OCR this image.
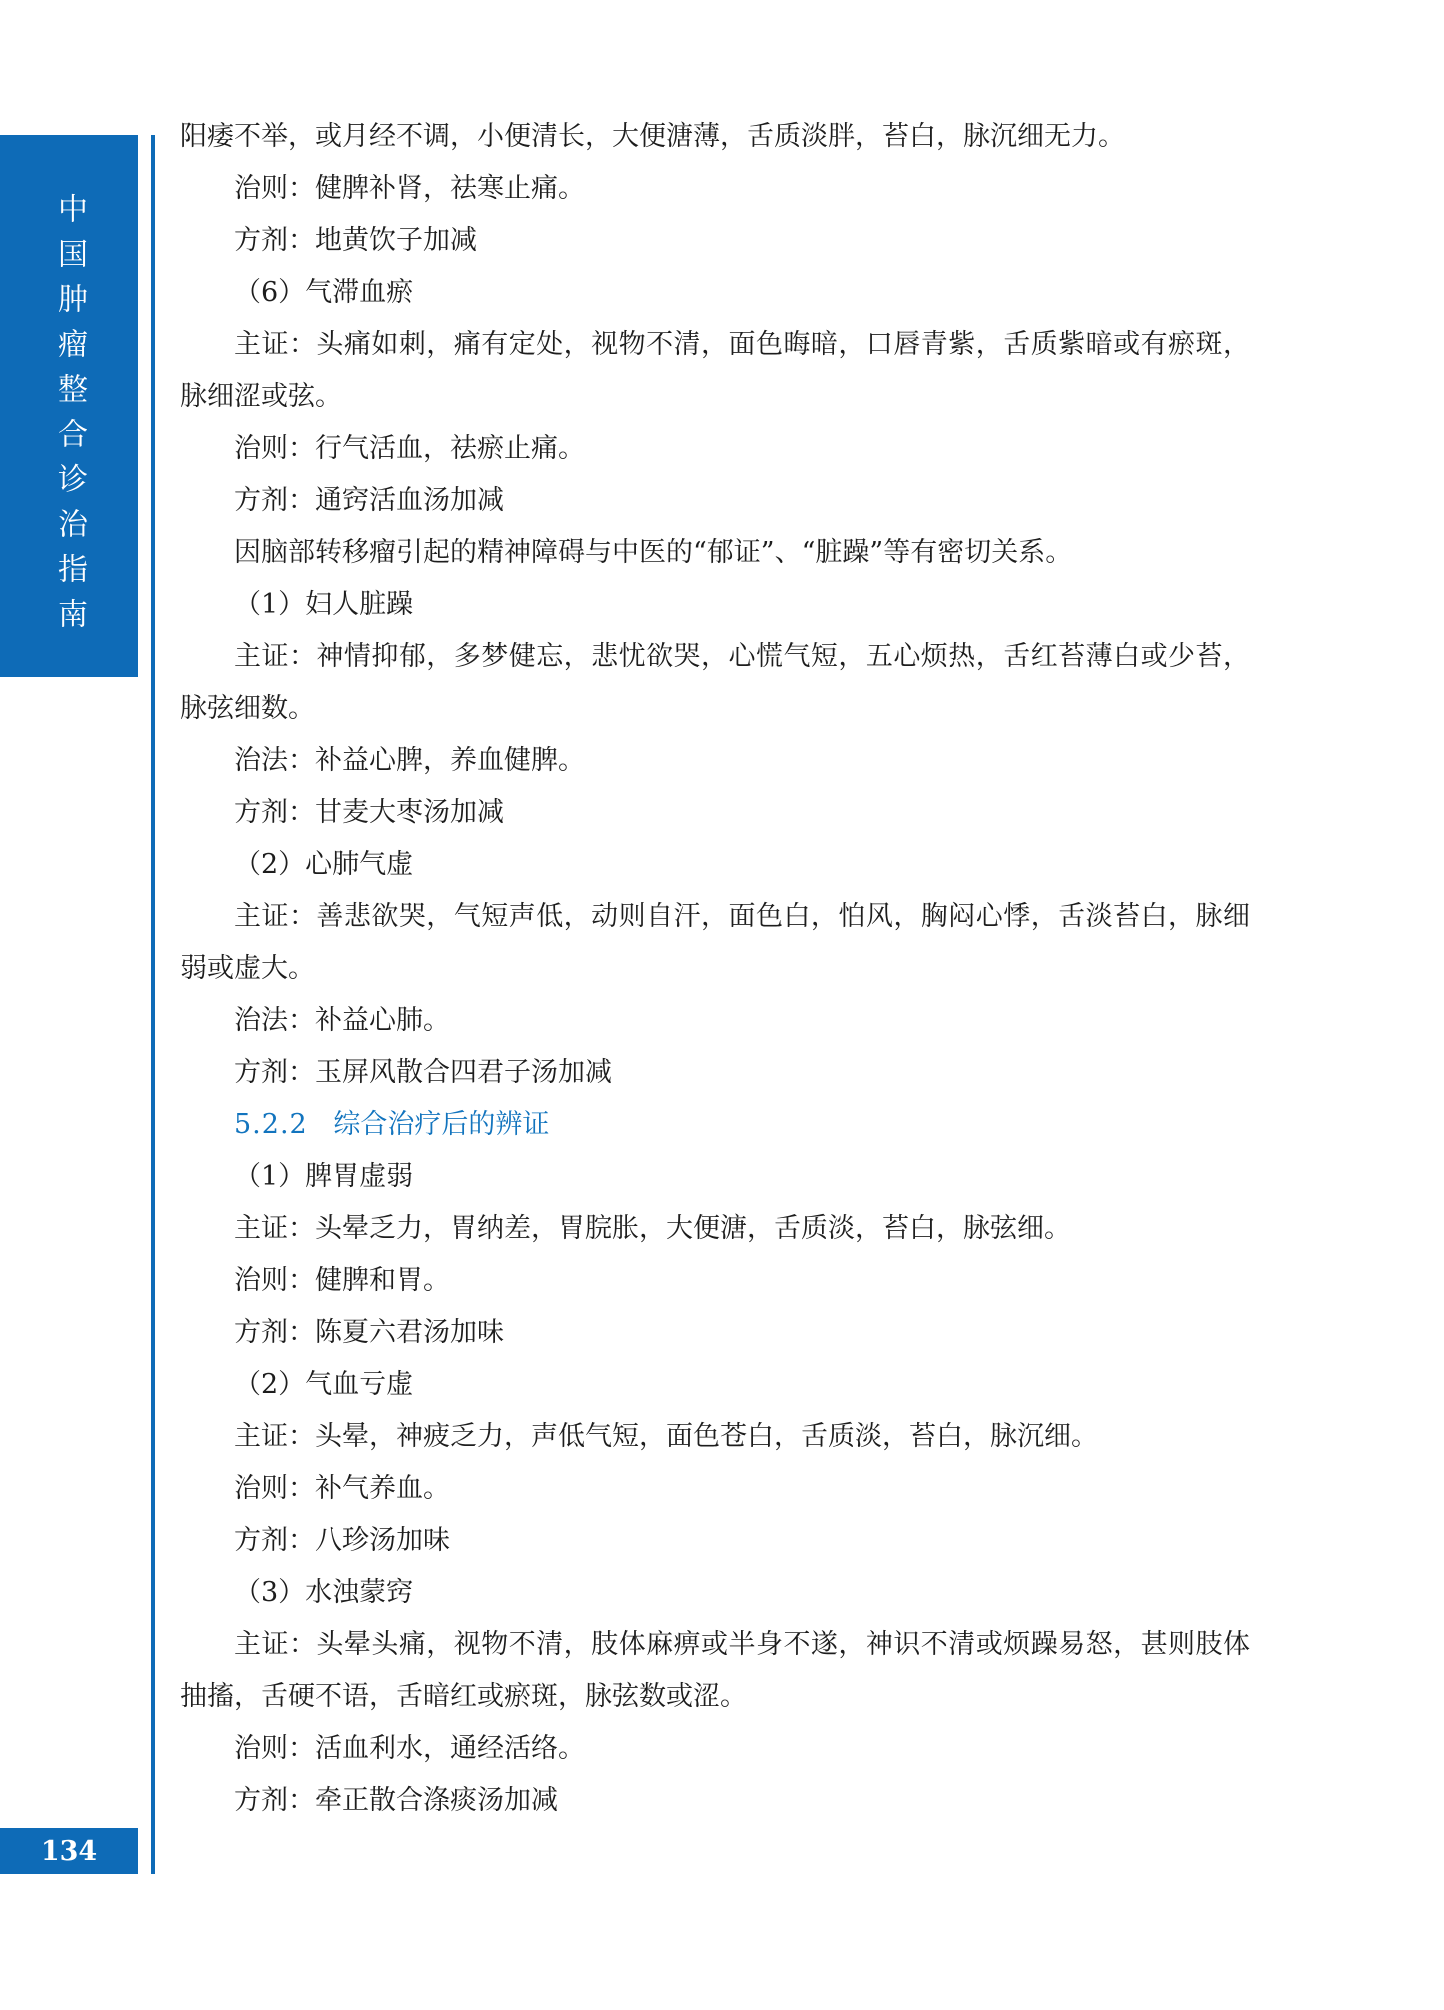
中国肿瘤整合诊治指南
134

阳痿不举，或月经不调，小便清长，大便溏薄，舌质淡胖，苔白，脉沉细无力。

治则：健脾补肾，祛寒止痛。

方剂：地黄饮子加减

（6）气滞血瘀

主证：头痛如刺，痛有定处，视物不清，面色晦暗，口唇青紫，舌质紫暗或有瘀斑，脉细涩或弦。

治则：行气活血，祛瘀止痛。

方剂：通窍活血汤加减

因脑部转移瘤引起的精神障碍与中医的“郁证”、“脏躁”等有密切关系。

（1）妇人脏躁

主证：神情抑郁，多梦健忘，悲忧欲哭，心慌气短，五心烦热，舌红苔薄白或少苔，脉弦细数。

治法：补益心脾，养血健脾。

方剂：甘麦大枣汤加减

（2）心肺气虚

主证：善悲欲哭，气短声低，动则自汗，面色白，怕风，胸闷心悸，舌淡苔白，脉细弱或虚大。

治法：补益心肺。

方剂：玉屏风散合四君子汤加减

5.2.2 综合治疗后的辨证

（1）脾胃虚弱

主证：头晕乏力，胃纳差，胃脘胀，大便溏，舌质淡，苔白，脉弦细。

治则：健脾和胃。

方剂：陈夏六君汤加味

（2）气血亏虚

主证：头晕，神疲乏力，声低气短，面色苍白，舌质淡，苔白，脉沉细。

治则：补气养血。

方剂：八珍汤加味

（3）水浊蒙窍

主证：头晕头痛，视物不清，肢体麻痹或半身不遂，神识不清或烦躁易怒，甚则肢体抽搐，舌硬不语，舌暗红或瘀斑，脉弦数或涩。

治则：活血利水，通经活络。

方剂：牵正散合涤痰汤加减
